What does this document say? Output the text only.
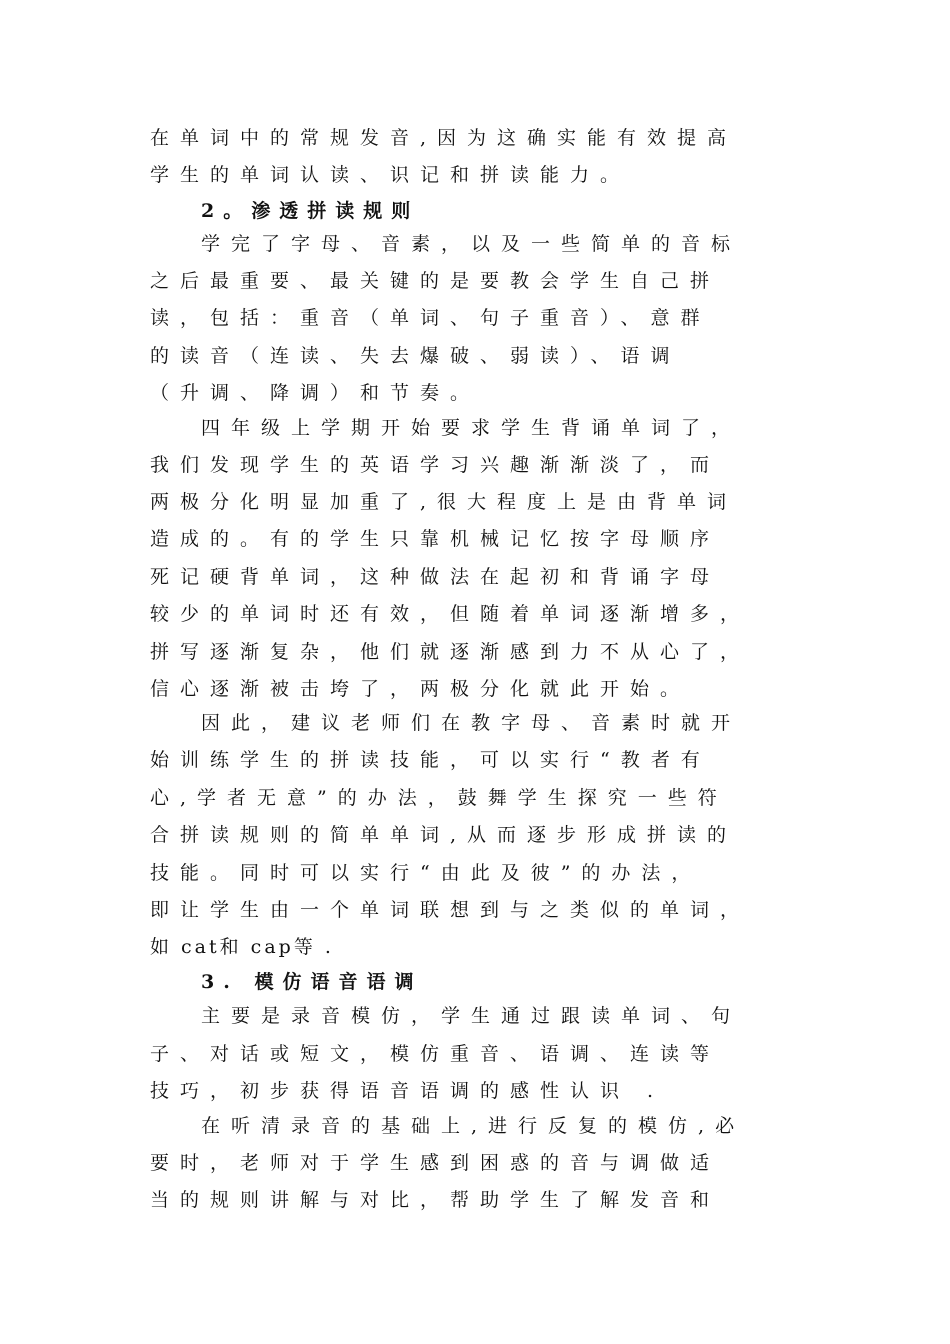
在单词中的常规发音,因为这确实能有效提高
学生的单词认读、识记和拼读能力。
2。渗透拼读规则
学完了字母、音素，以及一些简单的音标
之后最重要、最关键的是要教会学生自己拼
读，包括：重音（单词、句子重音）、意群
的读音（连读、失去爆破、弱读）、语调
（升调、降调）和节奏。
四年级上学期开始要求学生背诵单词了，
我们发现学生的英语学习兴趣渐渐淡了，而
两极分化明显加重了,很大程度上是由背单词
造成的。有的学生只靠机械记忆按字母顺序
死记硬背单词，这种做法在起初和背诵字母
较少的单词时还有效，但随着单词逐渐增多，
拼写逐渐复杂，他们就逐渐感到力不从心了，
信心逐渐被击垮了，两极分化就此开始。
因此，建议老师们在教字母、音素时就开
始训练学生的拼读技能，可以实行“教者有
心,学者无意”的办法，鼓舞学生探究一些符
合拼读规则的简单单词,从而逐步形成拼读的
技能。同时可以实行“由此及彼”的办法，
即让学生由一个单词联想到与之类似的单词，
如 cat和 cap等 .
3. 模仿语音语调
主要是录音模仿，学生通过跟读单词、句
子、对话或短文，模仿重音、语调、连读等
技巧，初步获得语音语调的感性认识 .
在听清录音的基础上,进行反复的模仿,必
要时，老师对于学生感到困惑的音与调做适
当的规则讲解与对比，帮助学生了解发音和
